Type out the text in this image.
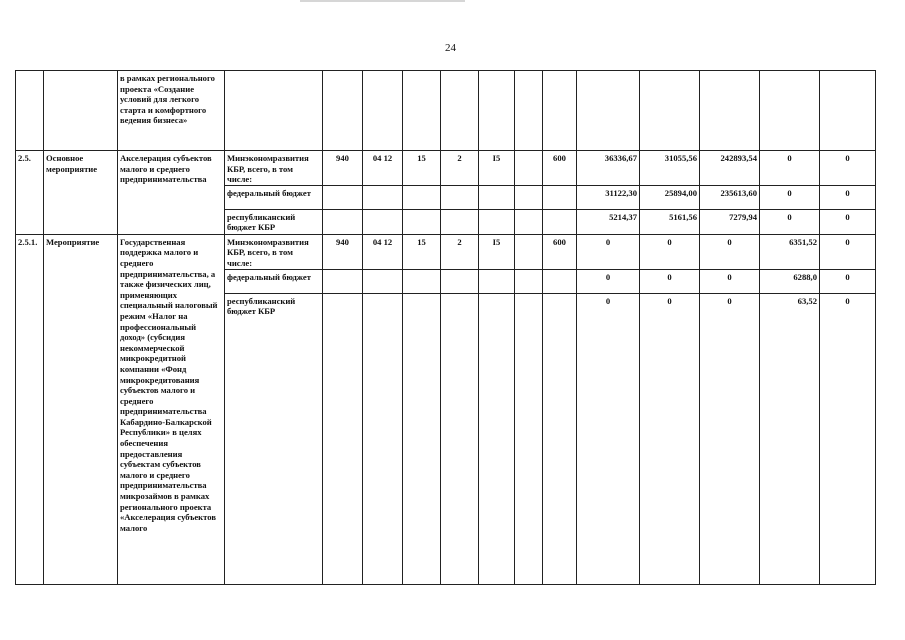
24
		в рамках регионального проекта «Создание условий для легкого старта и комфортного ведения бизнеса»													
2.5.	Основное мероприятие	Акселерация субъектов малого и среднего предпринимательства	Минэкономразвития КБР, всего, в том числе:	940	04 12	15	2	I5		600	36336,67	31055,56	242893,54	0	0
			федеральный бюджет								31122,30	25894,00	235613,60	0	0
			республиканский бюджет КБР								5214,37	5161,56	7279,94	0	0
2.5.1.	Мероприятие	Государственная поддержка малого и среднего предпринимательства, а также физических лиц, применяющих специальный налоговый режим «Налог на профессиональный доход» (субсидия некоммерческой микрокредитной компании «Фонд микрокредитования субъектов малого и среднего предпринимательства Кабардино-Балкарской Республики» в целях обеспечения предоставления субъектам субъектов малого и среднего предпринимательства микрозаймов в рамках регионального проекта «Акселерация субъектов малого	Минэкономразвития КБР, всего, в том числе:	940	04 12	15	2	I5		600	0	0	0	6351,52	0
			федеральный бюджет								0	0	0	6288,0	0
			республиканский бюджет КБР								0	0	0	63,52	0
